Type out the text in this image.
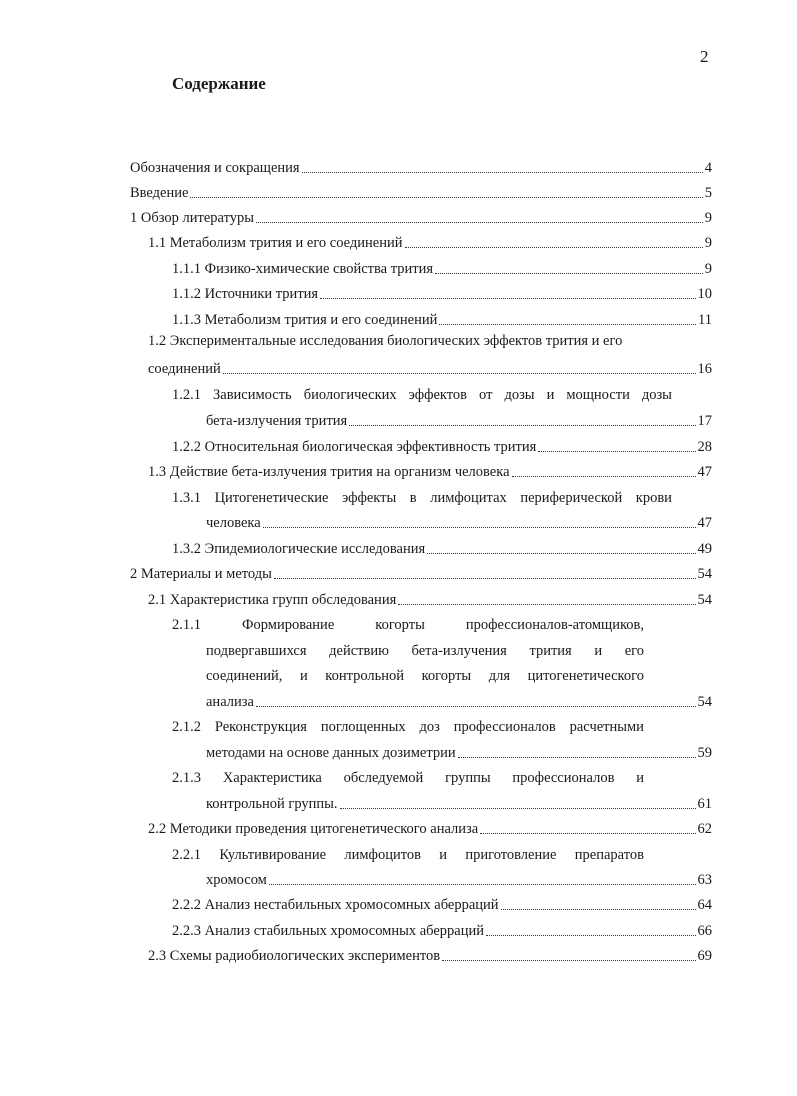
2
Содержание
Обозначения и сокращения	4
Введение	5
1 Обзор литературы	9
1.1 Метаболизм трития и его соединений	9
1.1.1 Физико-химические свойства трития	9
1.1.2 Источники трития	10
1.1.3 Метаболизм трития и его соединений	11
1.2 Экспериментальные исследования биологических эффектов трития и его
соединений	16
1.2.1 Зависимость биологических эффектов от дозы и мощности дозы
бета-излучения трития	17
1.2.2 Относительная биологическая эффективность трития	28
1.3 Действие бета-излучения трития на организм человека	47
1.3.1 Цитогенетические эффекты в лимфоцитах периферической крови
человека	47
1.3.2 Эпидемиологические исследования	49
2 Материалы и методы	54
2.1 Характеристика групп обследования	54
2.1.1	Формирование	когорты	профессионалов-атомщиков,
подвергавшихся действию бета-излучения трития и его
соединений, и контрольной когорты для цитогенетического
анализа	54
2.1.2 Реконструкция поглощенных доз профессионалов расчетными
методами на основе данных дозиметрии	59
2.1.3 Характеристика обследуемой группы профессионалов и
контрольной группы.	61
2.2 Методики проведения цитогенетического анализа	62
2.2.1 Культивирование лимфоцитов и приготовление препаратов
хромосом	63
2.2.2 Анализ нестабильных хромосомных аберраций	64
2.2.3 Анализ стабильных хромосомных аберраций	66
2.3 Схемы радиобиологических экспериментов	69
